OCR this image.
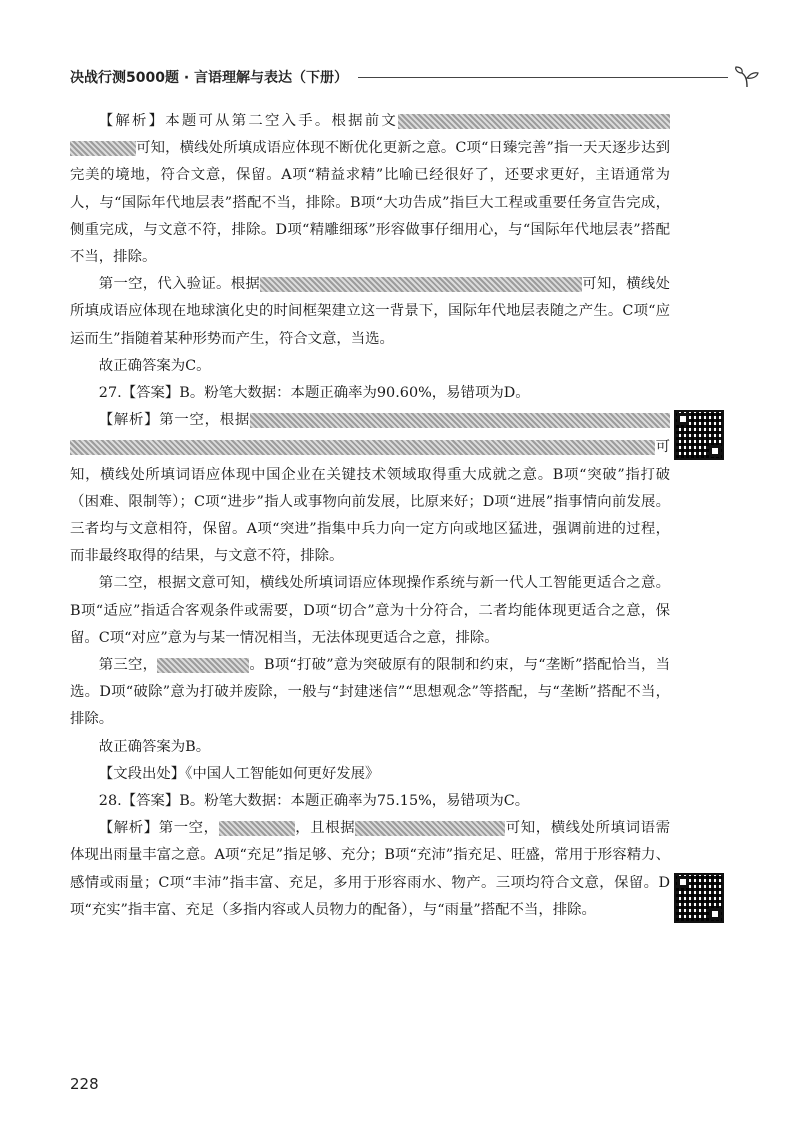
决战行测5000题 · 言语理解与表达（下册）

【解析】本题可从第二空入手。根据前文可知，横线处所填成语应体现不断优化更新之意。C项“日臻完善”指一天天逐步达到完美的境地，符合文意，保留。A项“精益求精”比喻已经很好了，还要求更好，主语通常为人，与“国际年代地层表”搭配不当，排除。B项“大功告成”指巨大工程或重要任务宣告完成，侧重完成，与文意不符，排除。D项“精雕细琢”形容做事仔细用心，与“国际年代地层表”搭配不当，排除。

第一空，代入验证。根据	可知，横线处所填成语应体现在地球演化史的时间框架建立这一背景下，国际年代地层表随之产生。C项“应运而生”指随着某种形势而产生，符合文意，当选。

故正确答案为C。

27.【答案】B。粉笔大数据：本题正确率为90.60%，易错项为D。

【解析】第一空，根据可知，横线处所填词语应体现中国企业在关键技术领域取得重大成就之意。B项“突破”指打破（困难、限制等）；C项“进步”指人或事物向前发展，比原来好；D项“进展”指事情向前发展。三者均与文意相符，保留。A项“突进”指集中兵力向一定方向或地区猛进，强调前进的过程，而非最终取得的结果，与文意不符，排除。

第二空，根据文意可知，横线处所填词语应体现操作系统与新一代人工智能更适合之意。B项“适应”指适合客观条件或需要，D项“切合”意为十分符合，二者均能体现更适合之意，保留。C项“对应”意为与某一情况相当，无法体现更适合之意，排除。

第三空，	。B项“打破”意为突破原有的限制和约束，与“垄断”搭配恰当，当选。D项“破除”意为打破并废除，一般与“封建迷信”“思想观念”等搭配，与“垄断”搭配不当，排除。

故正确答案为B。

【文段出处】《中国人工智能如何更好发展》

28.【答案】B。粉笔大数据：本题正确率为75.15%，易错项为C。

【解析】第一空，	，且根据	可知，横线处所填词语需体现出雨量丰富之意。A项“充足”指足够、充分；B项“充沛”指充足、旺盛，常用于形容精力、感情或雨量；C项“丰沛”指丰富、充足，多用于形容雨水、物产。三项均符合文意，保留。D项“充实”指丰富、充足（多指内容或人员物力的配备），与“雨量”搭配不当，排除。

228
